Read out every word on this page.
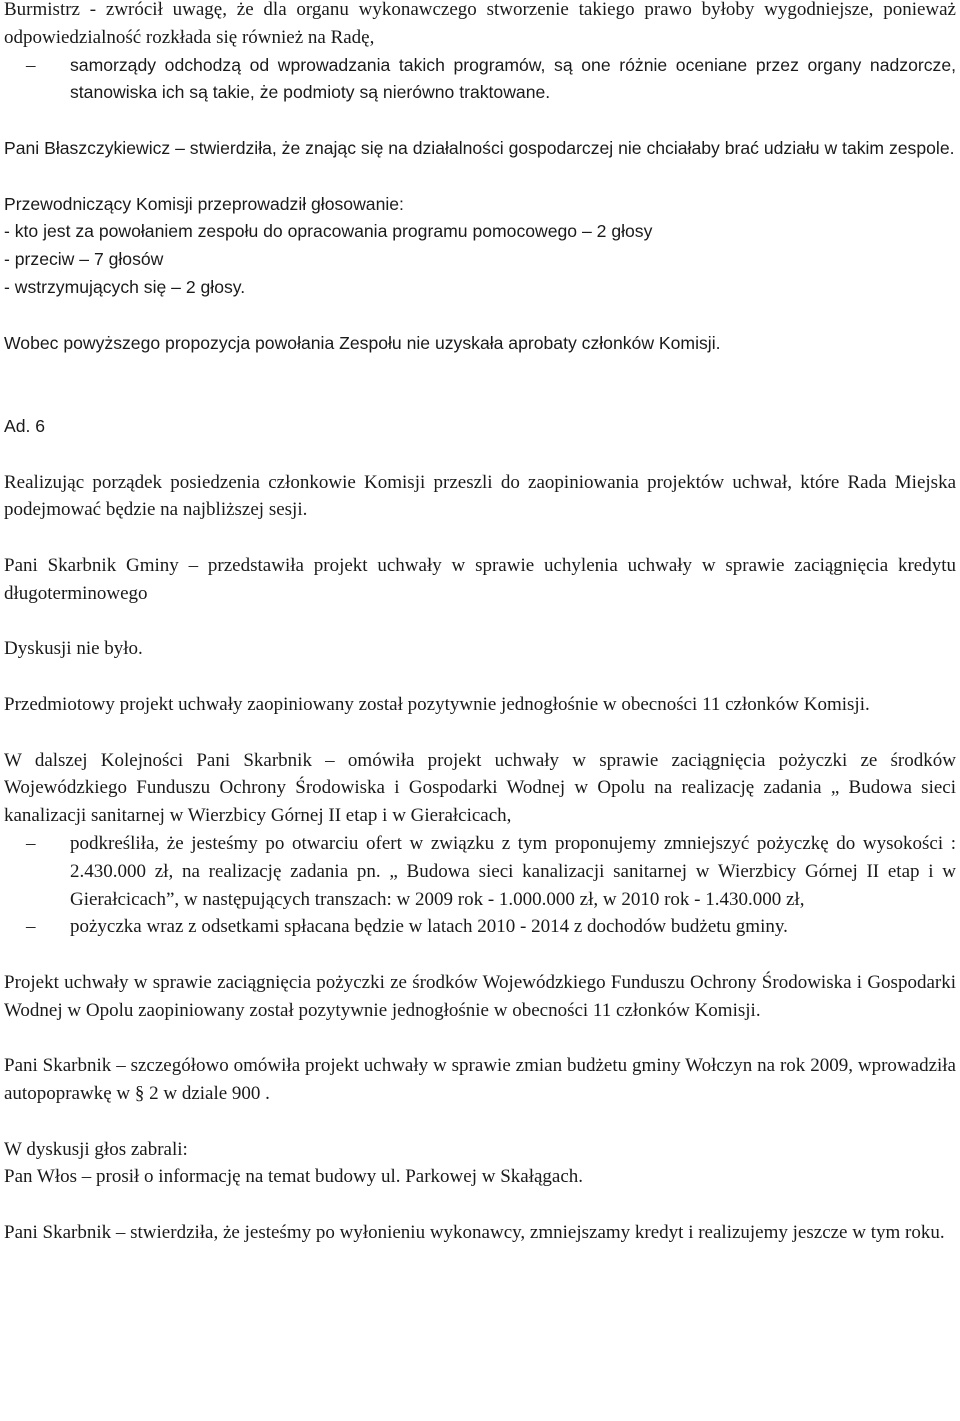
Burmistrz - zwrócił uwagę, że dla organu wykonawczego stworzenie takiego prawo byłoby wygodniejsze, ponieważ odpowiedzialność rozkłada się również na Radę,

– samorządy odchodzą od wprowadzania takich programów, są one różnie oceniane przez organy nadzorcze, stanowiska ich są takie, że podmioty są nierówno traktowane.

Pani Błaszczykiewicz – stwierdziła, że znając się na działalności gospodarczej nie chciałaby brać udziału w takim zespole.

Przewodniczący Komisji przeprowadził głosowanie:
- kto jest za powołaniem zespołu do opracowania programu pomocowego – 2 głosy
- przeciw – 7 głosów
- wstrzymujących się – 2 głosy.

Wobec powyższego propozycja powołania Zespołu nie uzyskała aprobaty członków Komisji.

Ad. 6

Realizując porządek posiedzenia członkowie Komisji przeszli do zaopiniowania projektów uchwał, które Rada Miejska podejmować będzie na najbliższej sesji.

Pani Skarbnik Gminy – przedstawiła projekt uchwały w sprawie uchylenia uchwały w sprawie zaciągnięcia kredytu długoterminowego

Dyskusji nie było.

Przedmiotowy projekt uchwały zaopiniowany został pozytywnie jednogłośnie w obecności 11 członków Komisji.

W dalszej Kolejności Pani Skarbnik – omówiła projekt uchwały w sprawie zaciągnięcia pożyczki ze środków Wojewódzkiego Funduszu Ochrony Środowiska i Gospodarki Wodnej w Opolu na realizację zadania „ Budowa sieci kanalizacji sanitarnej w Wierzbicy Górnej II etap i w Gierałcicach,

– podkreśliła, że jesteśmy po otwarciu ofert w związku z tym proponujemy zmniejszyć pożyczkę do wysokości : 2.430.000 zł, na realizację zadania pn. „ Budowa sieci kanalizacji sanitarnej w Wierzbicy Górnej II etap i w Gierałcicach”, w następujących transzach: w 2009 rok - 1.000.000 zł, w 2010 rok - 1.430.000 zł,
– pożyczka wraz z odsetkami spłacana będzie w latach 2010 - 2014 z dochodów budżetu gminy.

Projekt uchwały w sprawie zaciągnięcia pożyczki ze środków Wojewódzkiego Funduszu Ochrony Środowiska i Gospodarki Wodnej w Opolu zaopiniowany został pozytywnie jednogłośnie w obecności 11 członków Komisji.

Pani Skarbnik – szczegółowo omówiła projekt uchwały w sprawie zmian budżetu gminy Wołczyn na rok 2009, wprowadziła autopoprawkę w § 2 w dziale 900 .

W dyskusji głos zabrali:
Pan Włos – prosił o informację na temat budowy ul. Parkowej w Skałągach.

Pani Skarbnik – stwierdziła, że jesteśmy po wyłonieniu wykonawcy, zmniejszamy kredyt i realizujemy jeszcze w tym roku.
